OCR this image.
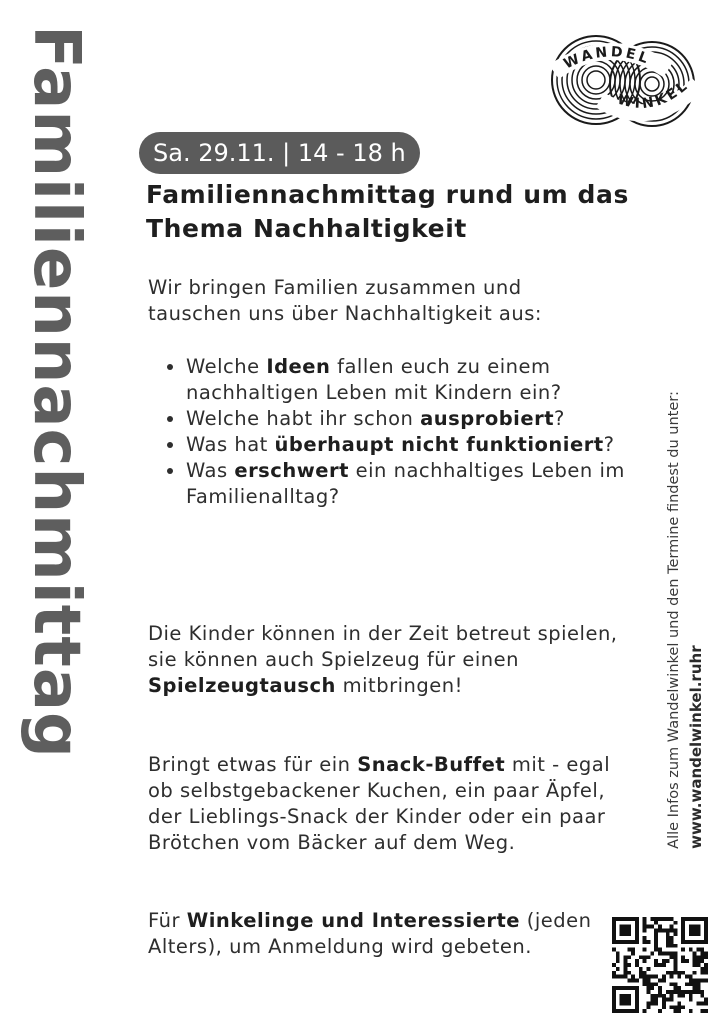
Familiennachmittag	WANDEL
WINKEL
Sa. 29.11. | 14 - 18 h
Familiennachmittag rund um das Thema Nachhaltigkeit

Wir bringen Familien zusammen und tauschen uns über Nachhaltigkeit aus:

• Welche Ideen fallen euch zu einem nachhaltigen Leben mit Kindern ein?
• Welche habt ihr schon ausprobiert?
• Was hat überhaupt nicht funktioniert?
• Was erschwert ein nachhaltiges Leben im Familienalltag?

Die Kinder können in der Zeit betreut spielen, sie können auch Spielzeug für einen Spielzeugtausch mitbringen!

Bringt etwas für ein Snack-Buffet mit - egal ob selbstgebackener Kuchen, ein paar Äpfel, der Lieblings-Snack der Kinder oder ein paar Brötchen vom Bäcker auf dem Weg.

Für Winkelinge und Interessierte (jeden Alters), um Anmeldung wird gebeten.

Alle Infos zum Wandelwinkel und den Termine findest du unter: www.wandelwinkel.ruhr
